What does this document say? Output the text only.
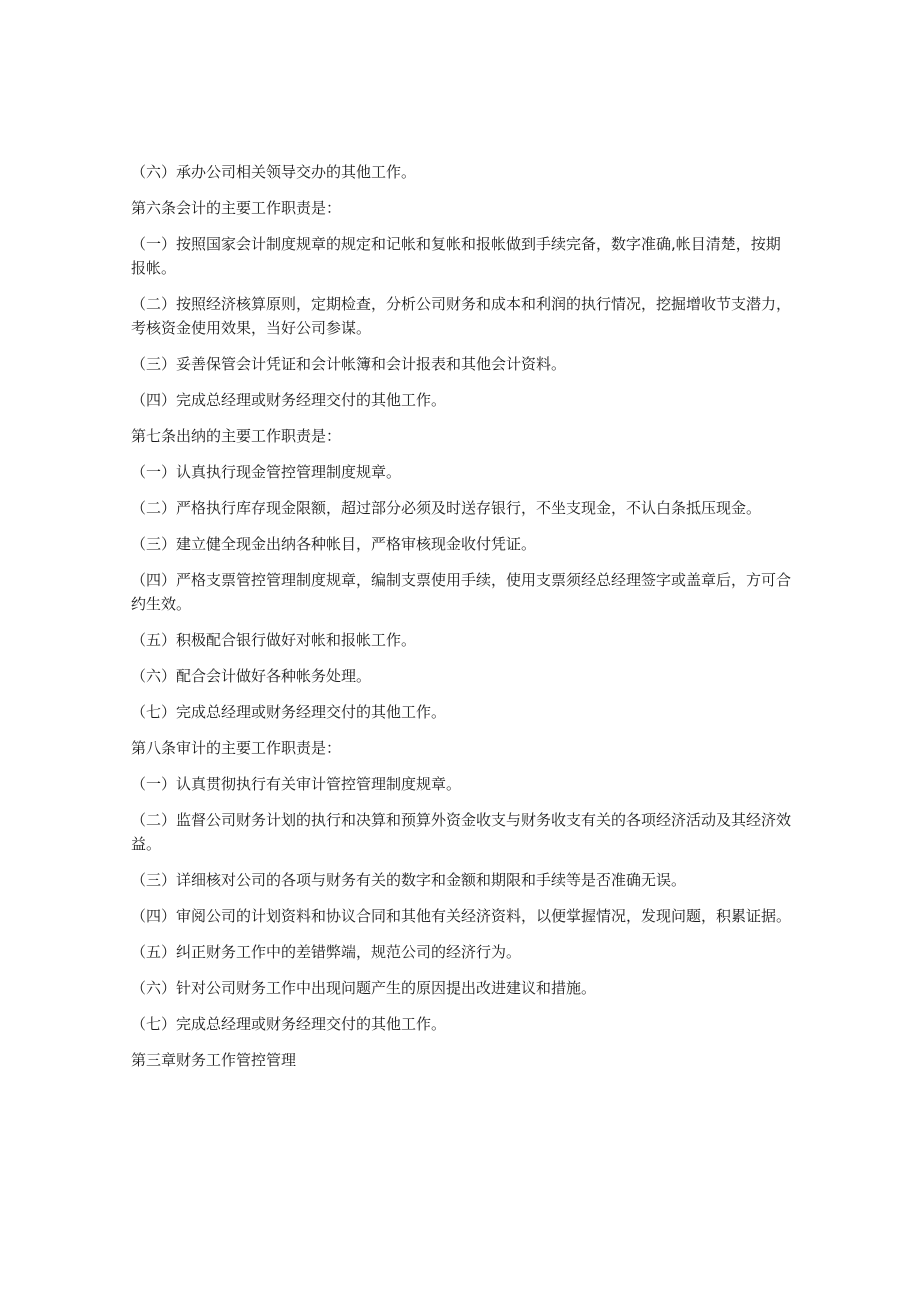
（六）承办公司相关领导交办的其他工作。

第六条会计的主要工作职责是：

（一）按照国家会计制度规章的规定和记帐和复帐和报帐做到手续完备，数字准确,帐目清楚，按期报帐。

（二）按照经济核算原则，定期检查，分析公司财务和成本和利润的执行情况，挖掘增收节支潜力，考核资金使用效果，当好公司参谋。

（三）妥善保管会计凭证和会计帐簿和会计报表和其他会计资料。

（四）完成总经理或财务经理交付的其他工作。

第七条出纳的主要工作职责是：

（一）认真执行现金管控管理制度规章。

（二）严格执行库存现金限额，超过部分必须及时送存银行，不坐支现金，不认白条抵压现金。

（三）建立健全现金出纳各种帐目，严格审核现金收付凭证。

（四）严格支票管控管理制度规章，编制支票使用手续，使用支票须经总经理签字或盖章后，方可合约生效。

（五）积极配合银行做好对帐和报帐工作。

（六）配合会计做好各种帐务处理。

（七）完成总经理或财务经理交付的其他工作。

第八条审计的主要工作职责是：

（一）认真贯彻执行有关审计管控管理制度规章。

（二）监督公司财务计划的执行和决算和预算外资金收支与财务收支有关的各项经济活动及其经济效益。

（三）详细核对公司的各项与财务有关的数字和金额和期限和手续等是否准确无误。

（四）审阅公司的计划资料和协议合同和其他有关经济资料，以便掌握情况，发现问题，积累证据。

（五）纠正财务工作中的差错弊端，规范公司的经济行为。

（六）针对公司财务工作中出现问题产生的原因提出改进建议和措施。

（七）完成总经理或财务经理交付的其他工作。

第三章财务工作管控管理
